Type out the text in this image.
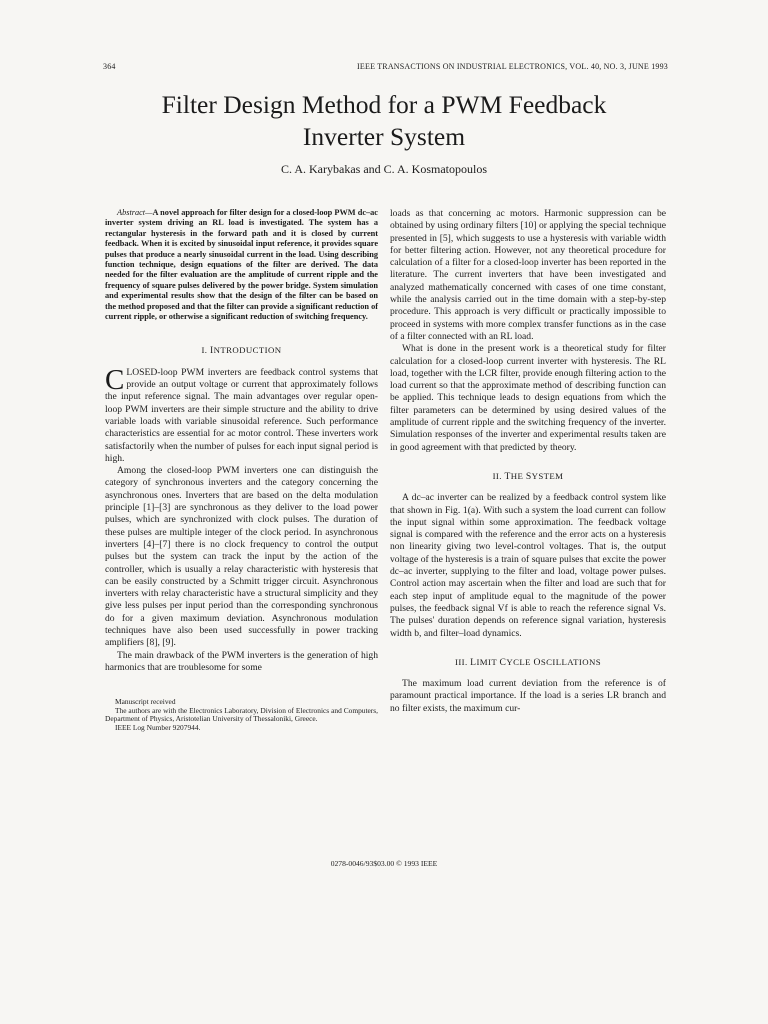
364	IEEE TRANSACTIONS ON INDUSTRIAL ELECTRONICS, VOL. 40, NO. 3, JUNE 1993
Filter Design Method for a PWM Feedback
Inverter System
C. A. Karybakas and C. A. Kosmatopoulos

Abstract—A novel approach for filter design for a closed-loop PWM dc–ac inverter system driving an RL load is investigated. The system has a rectangular hysteresis in the forward path and it is closed by current feedback. When it is excited by sinusoidal input reference, it provides square pulses that produce a nearly sinusoidal current in the load. Using describing function technique, design equations of the filter are derived. The data needed for the filter evaluation are the amplitude of current ripple and the frequency of square pulses delivered by the power bridge. System simulation and experimental results show that the design of the filter can be based on the method proposed and that the filter can provide a significant reduction of current ripple, or otherwise a significant reduction of switching frequency.

I. INTRODUCTION

CLOSED-loop PWM inverters are feedback control systems that provide an output voltage or current that approximately follows the input reference signal. The main advantages over regular open-loop PWM inverters are their simple structure and the ability to drive variable loads with variable sinusoidal reference. Such performance characteristics are essential for ac motor control. These inverters work satisfactorily when the number of pulses for each input signal period is high.

Among the closed-loop PWM inverters one can distinguish the category of synchronous inverters and the category concerning the asynchronous ones. Inverters that are based on the delta modulation principle [1]–[3] are synchronous as they deliver to the load power pulses, which are synchronized with clock pulses. The duration of these pulses are multiple integer of the clock period. In asynchronous inverters [4]–[7] there is no clock frequency to control the output pulses but the system can track the input by the action of the controller, which is usually a relay characteristic with hysteresis that can be easily constructed by a Schmitt trigger circuit. Asynchronous inverters with relay characteristic have a structural simplicity and they give less pulses per input period than the corresponding synchronous do for a given maximum deviation. Asynchronous modulation techniques have also been used successfully in power tracking amplifiers [8], [9].

The main drawback of the PWM inverters is the generation of high harmonics that are troublesome for some

Manuscript received

The authors are with the Electronics Laboratory, Division of Electronics and Computers, Department of Physics, Aristotelian University of Thessaloniki, Greece.

IEEE Log Number 9207944.

loads as that concerning ac motors. Harmonic suppression can be obtained by using ordinary filters [10] or applying the special technique presented in [5], which suggests to use a hysteresis with variable width for better filtering action. However, not any theoretical procedure for calculation of a filter for a closed-loop inverter has been reported in the literature. The current inverters that have been investigated and analyzed mathematically concerned with cases of one time constant, while the analysis carried out in the time domain with a step-by-step procedure. This approach is very difficult or practically impossible to proceed in systems with more complex transfer functions as in the case of a filter connected with an RL load.

What is done in the present work is a theoretical study for filter calculation for a closed-loop current inverter with hysteresis. The RL load, together with the LCR filter, provide enough filtering action to the load current so that the approximate method of describing function can be applied. This technique leads to design equations from which the filter parameters can be determined by using desired values of the amplitude of current ripple and the switching frequency of the inverter. Simulation responses of the inverter and experimental results taken are in good agreement with that predicted by theory.

II. THE SYSTEM

A dc–ac inverter can be realized by a feedback control system like that shown in Fig. 1(a). With such a system the load current can follow the input signal within some approximation. The feedback voltage signal is compared with the reference and the error acts on a hysteresis non linearity giving two level-control voltages. That is, the output voltage of the hysteresis is a train of square pulses that excite the power dc–ac inverter, supplying to the filter and load, voltage power pulses. Control action may ascertain when the filter and load are such that for each step input of amplitude equal to the magnitude of the power pulses, the feedback signal Vf is able to reach the reference signal Vs. The pulses' duration depends on reference signal variation, hysteresis width b, and filter–load dynamics.

III. LIMIT CYCLE OSCILLATIONS

The maximum load current deviation from the reference is of paramount practical importance. If the load is a series LR branch and no filter exists, the maximum cur-

0278-0046/93$03.00 © 1993 IEEE
